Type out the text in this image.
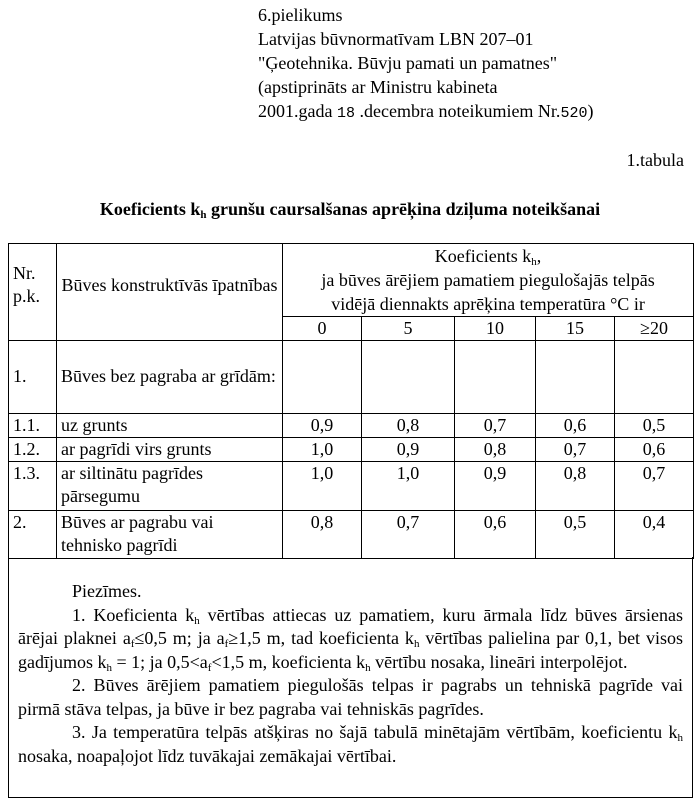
6.pielikums
Latvijas būvnormatīvam LBN 207–01
"Ģeotehnika. Būvju pamati un pamatnes"
(apstiprināts ar Ministru kabineta
2001.gada 18 .decembra noteikumiem Nr.520)
1.tabula
Koeficients $k_h$ grunšu caursalšanas aprēķina dziļuma noteikšanai
Nr. p.k.	Būves konstruktīvās īpatnības	Koeficients $k_h$,
ja būves ārējiem pamatiem piegulošajās telpās
vidējā diennakts aprēķina temperatūra °C ir				

		0	5	10	15	≥20
1.	Būves bez pagraba ar grīdām:					
1.1.	uz grunts	0,9	0,8	0,7	0,6	0,5
1.2.	ar pagrīdi virs grunts	1,0	0,9	0,8	0,7	0,6
1.3.	ar siltinātu pagrīdes pārsegumu	1,0	1,0	0,9	0,8	0,7
2.	Būves ar pagrabu vai tehnisko pagrīdi	0,8	0,7	0,6	0,5	0,4

Piezīmes.

1. Koeficienta $k_h$ vērtības attiecas uz pamatiem, kuru ārmala līdz būves ārsienas ārējai plaknei $a_f\le 0,5$ m; ja $a_f\ge 1,5$ m, tad koeficienta $k_h$ vērtības palielina par 0,1, bet visos gadījumos $k_h = 1$; ja $0,5<a_f<1,5$ m, koeficienta $k_h$ vērtību nosaka, lineāri interpolējot.

2. Būves ārējiem pamatiem piegulošās telpas ir pagrabs un tehniskā pagrīde vai pirmā stāva telpas, ja būve ir bez pagraba vai tehniskās pagrīdes.

3. Ja temperatūra telpās atšķiras no šajā tabulā minētajām vērtībām, koeficientu $k_h$ nosaka, noapaļojot līdz tuvākajai zemākajai vērtībai.
